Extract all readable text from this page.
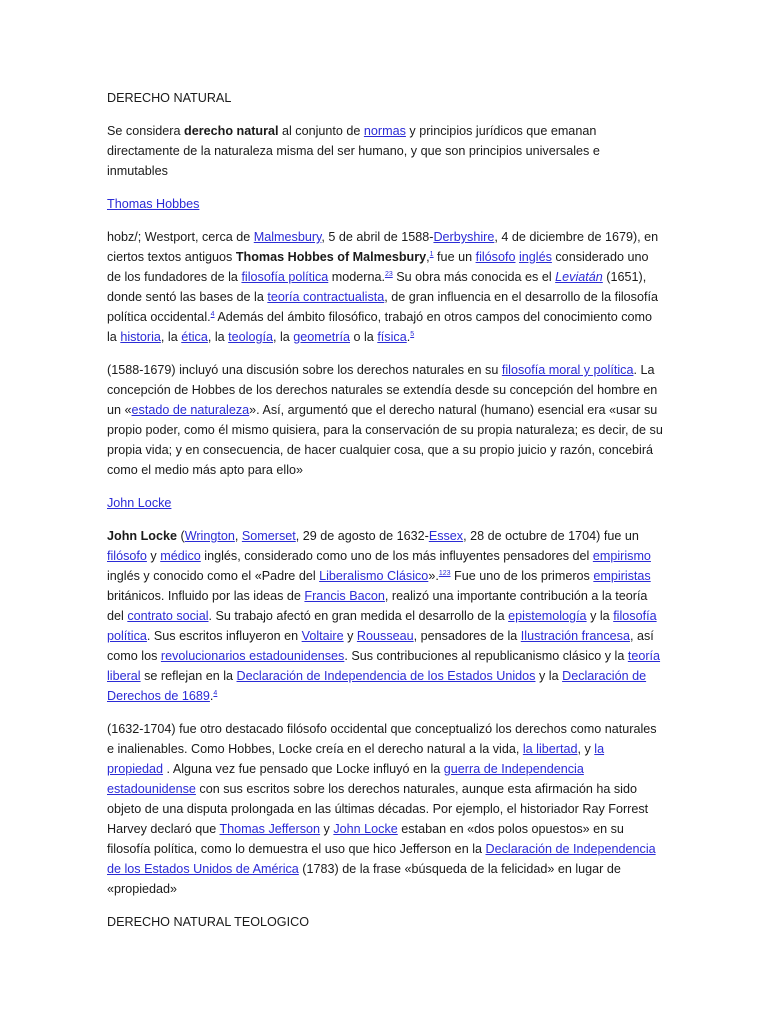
DERECHO NATURAL

Se considera derecho natural al conjunto de normas y principios jurídicos que emanan directamente de la naturaleza misma del ser humano, y que son principios universales e inmutables

Thomas Hobbes

hobz/; Westport, cerca de Malmesbury, 5 de abril de 1588-Derbyshire, 4 de diciembre de 1679), en ciertos textos antiguos Thomas Hobbes of Malmesbury,$^1$ fue un filósofo inglés considerado uno de los fundadores de la filosofía política moderna.$^{23}$ Su obra más conocida es el Leviatán (1651), donde sentó las bases de la teoría contractualista, de gran influencia en el desarrollo de la filosofía política occidental.$^4$ Además del ámbito filosófico, trabajó en otros campos del conocimiento como la historia, la ética, la teología, la geometría o la física.$^5$

(1588-1679) incluyó una discusión sobre los derechos naturales en su filosofía moral y política. La concepción de Hobbes de los derechos naturales se extendía desde su concepción del hombre en un «estado de naturaleza». Así, argumentó que el derecho natural (humano) esencial era «usar su propio poder, como él mismo quisiera, para la conservación de su propia naturaleza; es decir, de su propia vida; y en consecuencia, de hacer cualquier cosa, que a su propio juicio y razón, concebirá como el medio más apto para ello»

John Locke

John Locke (Wrington, Somerset, 29 de agosto de 1632-Essex, 28 de octubre de 1704) fue un filósofo y médico inglés, considerado como uno de los más influyentes pensadores del empirismo inglés y conocido como el «Padre del Liberalismo Clásico».$^{123}$ Fue uno de los primeros empiristas británicos. Influido por las ideas de Francis Bacon, realizó una importante contribución a la teoría del contrato social. Su trabajo afectó en gran medida el desarrollo de la epistemología y la filosofía política. Sus escritos influyeron en Voltaire y Rousseau, pensadores de la Ilustración francesa, así como los revolucionarios estadounidenses. Sus contribuciones al republicanismo clásico y la teoría liberal se reflejan en la Declaración de Independencia de los Estados Unidos y la Declaración de Derechos de 1689.$^4$

(1632-1704) fue otro destacado filósofo occidental que conceptualizó los derechos como naturales e inalienables. Como Hobbes, Locke creía en el derecho natural a la vida, la libertad, y la propiedad . Alguna vez fue pensado que Locke influyó en la guerra de Independencia estadounidense con sus escritos sobre los derechos naturales, aunque esta afirmación ha sido objeto de una disputa prolongada en las últimas décadas. Por ejemplo, el historiador Ray Forrest Harvey declaró que Thomas Jefferson y John Locke estaban en «dos polos opuestos» en su filosofía política, como lo demuestra el uso que hico Jefferson en la Declaración de Independencia de los Estados Unidos de América (1783) de la frase «búsqueda de la felicidad» en lugar de «propiedad»

DERECHO NATURAL TEOLOGICO
